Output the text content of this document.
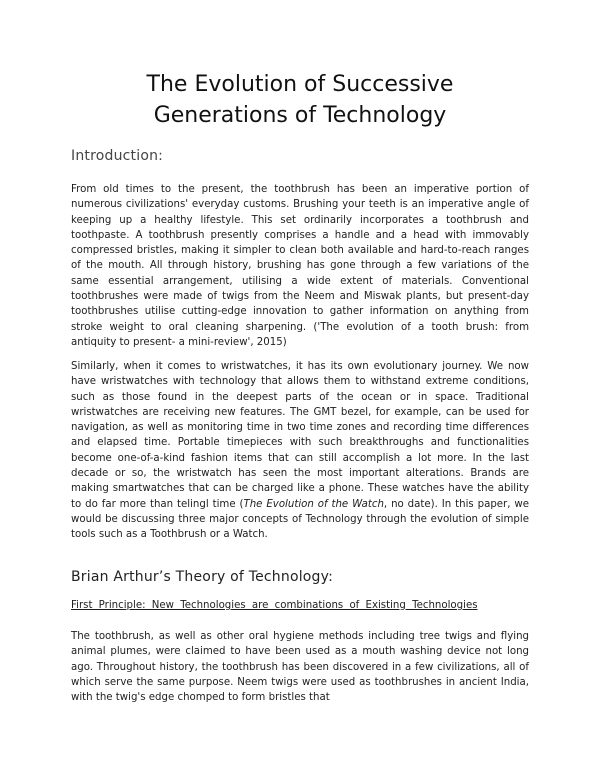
The Evolution of Successive
Generations of Technology
Introduction:

From old times to the present, the toothbrush has been an imperative portion of numerous civilizations' everyday customs. Brushing your teeth is an imperative angle of keeping up a healthy lifestyle. This set ordinarily incorporates a toothbrush and toothpaste. A toothbrush presently comprises a handle and a head with immovably compressed bristles, making it simpler to clean both available and hard-to-reach ranges of the mouth. All through history, brushing has gone through a few variations of the same essential arrangement, utilising a wide extent of materials. Conventional toothbrushes were made of twigs from the Neem and Miswak plants, but present-day toothbrushes utilise cutting-edge innovation to gather information on anything from stroke weight to oral cleaning sharpening. ('The evolution of a tooth brush: from antiquity to present- a mini-review', 2015)

Similarly, when it comes to wristwatches, it has its own evolutionary journey. We now have wristwatches with technology that allows them to withstand extreme conditions, such as those found in the deepest parts of the ocean or in space. Traditional wristwatches are receiving new features. The GMT bezel, for example, can be used for navigation, as well as monitoring time in two time zones and recording time differences and elapsed time. Portable timepieces with such breakthroughs and functionalities become one-of-a-kind fashion items that can still accomplish a lot more. In the last decade or so, the wristwatch has seen the most important alterations. Brands are making smartwatches that can be charged like a phone. These watches have the ability to do far more than telingl time (The Evolution of the Watch, no date). In this paper, we would be discussing three major concepts of Technology through the evolution of simple tools such as a Toothbrush or a Watch.

Brian Arthur’s Theory of Technology:
First Principle: New Technologies are combinations of Existing Technologies

The toothbrush, as well as other oral hygiene methods including tree twigs and flying animal plumes, were claimed to have been used as a mouth washing device not long ago. Throughout history, the toothbrush has been discovered in a few civilizations, all of which serve the same purpose. Neem twigs were used as toothbrushes in ancient India, with the twig's edge chomped to form bristles that
